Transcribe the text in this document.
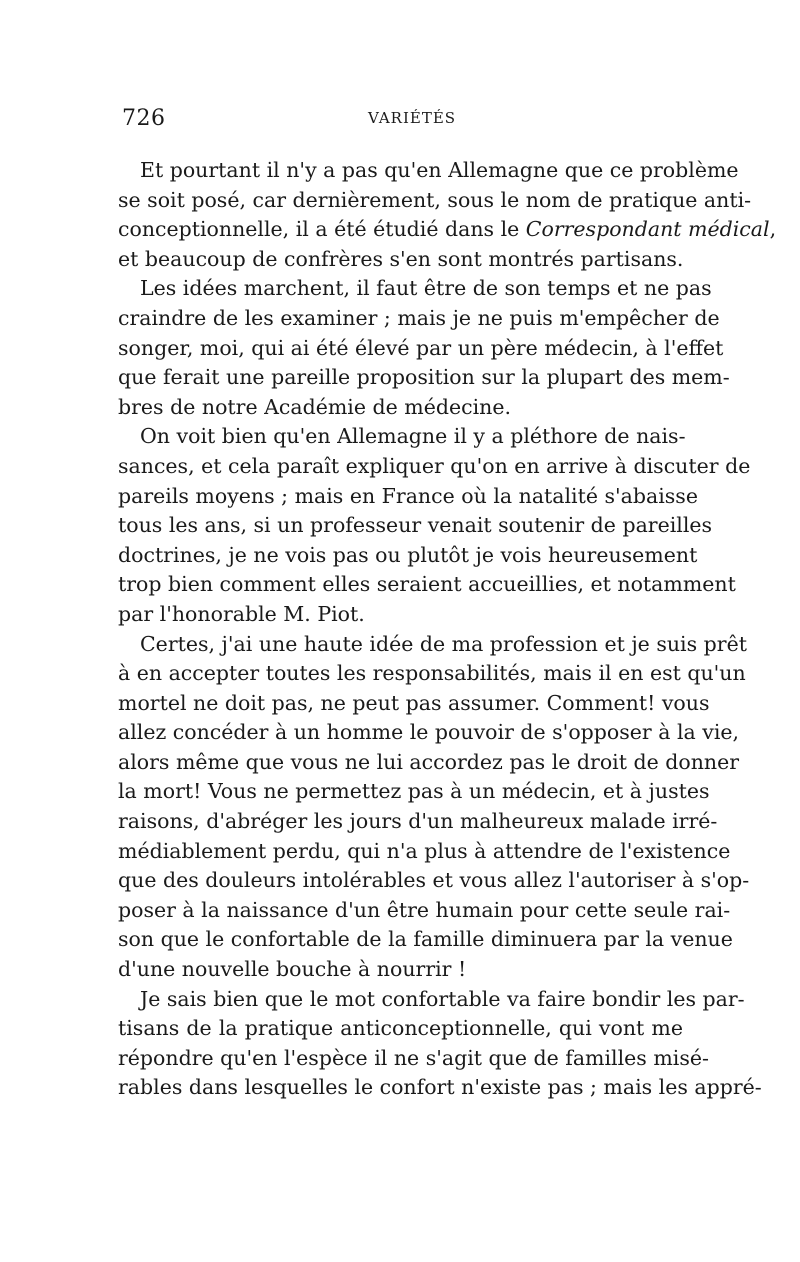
726	VARIÉTÉS
Et pourtant il n'y a pas qu'en Allemagne que ce problème
se soit posé, car dernièrement, sous le nom de pratique anti-
conceptionnelle, il a été étudié dans le Correspondant médical,
et beaucoup de confrères s'en sont montrés partisans.
Les idées marchent, il faut être de son temps et ne pas
craindre de les examiner ; mais je ne puis m'empêcher de
songer, moi, qui ai été élevé par un père médecin, à l'effet
que ferait une pareille proposition sur la plupart des mem-
bres de notre Académie de médecine.
On voit bien qu'en Allemagne il y a pléthore de nais-
sances, et cela paraît expliquer qu'on en arrive à discuter de
pareils moyens ; mais en France où la natalité s'abaisse
tous les ans, si un professeur venait soutenir de pareilles
doctrines, je ne vois pas ou plutôt je vois heureusement
trop bien comment elles seraient accueillies, et notamment
par l'honorable M. Piot.
Certes, j'ai une haute idée de ma profession et je suis prêt
à en accepter toutes les responsabilités, mais il en est qu'un
mortel ne doit pas, ne peut pas assumer. Comment! vous
allez concéder à un homme le pouvoir de s'opposer à la vie,
alors même que vous ne lui accordez pas le droit de donner
la mort! Vous ne permettez pas à un médecin, et à justes
raisons, d'abréger les jours d'un malheureux malade irré-
médiablement perdu, qui n'a plus à attendre de l'existence
que des douleurs intolérables et vous allez l'autoriser à s'op-
poser à la naissance d'un être humain pour cette seule rai-
son que le confortable de la famille diminuera par la venue
d'une nouvelle bouche à nourrir !
Je sais bien que le mot confortable va faire bondir les par-
tisans de la pratique anticonceptionnelle, qui vont me
répondre qu'en l'espèce il ne s'agit que de familles misé-
rables dans lesquelles le confort n'existe pas ; mais les appré-
